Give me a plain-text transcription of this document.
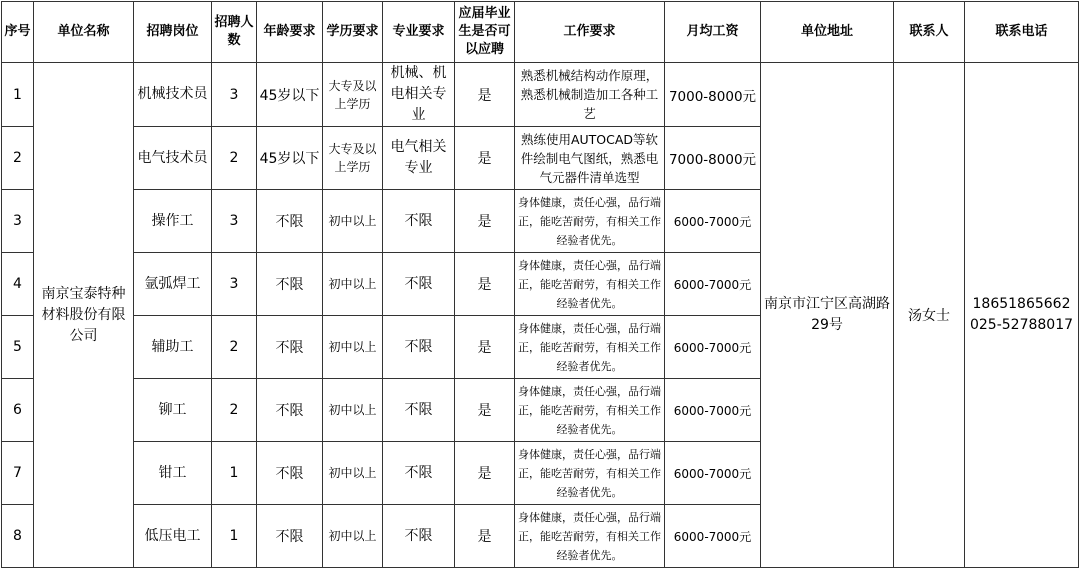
序号	单位名称	招聘岗位	招聘人数	年龄要求	学历要求	专业要求	应届毕业生是否可以应聘	工作要求	月均工资	单位地址	联系人	联系电话
1	南京宝泰特种材料股份有限公司	机械技术员	3	45岁以下	大专及以上学历	机械、机电相关专业	是	熟悉机械结构动作原理，熟悉机械制造加工各种工艺	7000-8000元	南京市江宁区高湖路29号	汤女士	18651865662
025-52788017

2		电气技术员	2	45岁以下	大专及以上学历	电气相关专业	是	熟练使用AUTOCAD等软件绘制电气图纸，熟悉电气元器件清单选型	7000-8000元			
3		操作工	3	不限	初中以上	不限	是	身体健康，责任心强，品行端正，能吃苦耐劳，有相关工作经验者优先。	6000-7000元			
4		氩弧焊工	3	不限	初中以上	不限	是	身体健康，责任心强，品行端正，能吃苦耐劳，有相关工作经验者优先。	6000-7000元			
5		辅助工	2	不限	初中以上	不限	是	身体健康，责任心强，品行端正，能吃苦耐劳，有相关工作经验者优先。	6000-7000元			
6		铆工	2	不限	初中以上	不限	是	身体健康，责任心强，品行端正，能吃苦耐劳，有相关工作经验者优先。	6000-7000元			
7		钳工	1	不限	初中以上	不限	是	身体健康，责任心强，品行端正，能吃苦耐劳，有相关工作经验者优先。	6000-7000元			
8		低压电工	1	不限	初中以上	不限	是	身体健康，责任心强，品行端正，能吃苦耐劳，有相关工作经验者优先。	6000-7000元			
